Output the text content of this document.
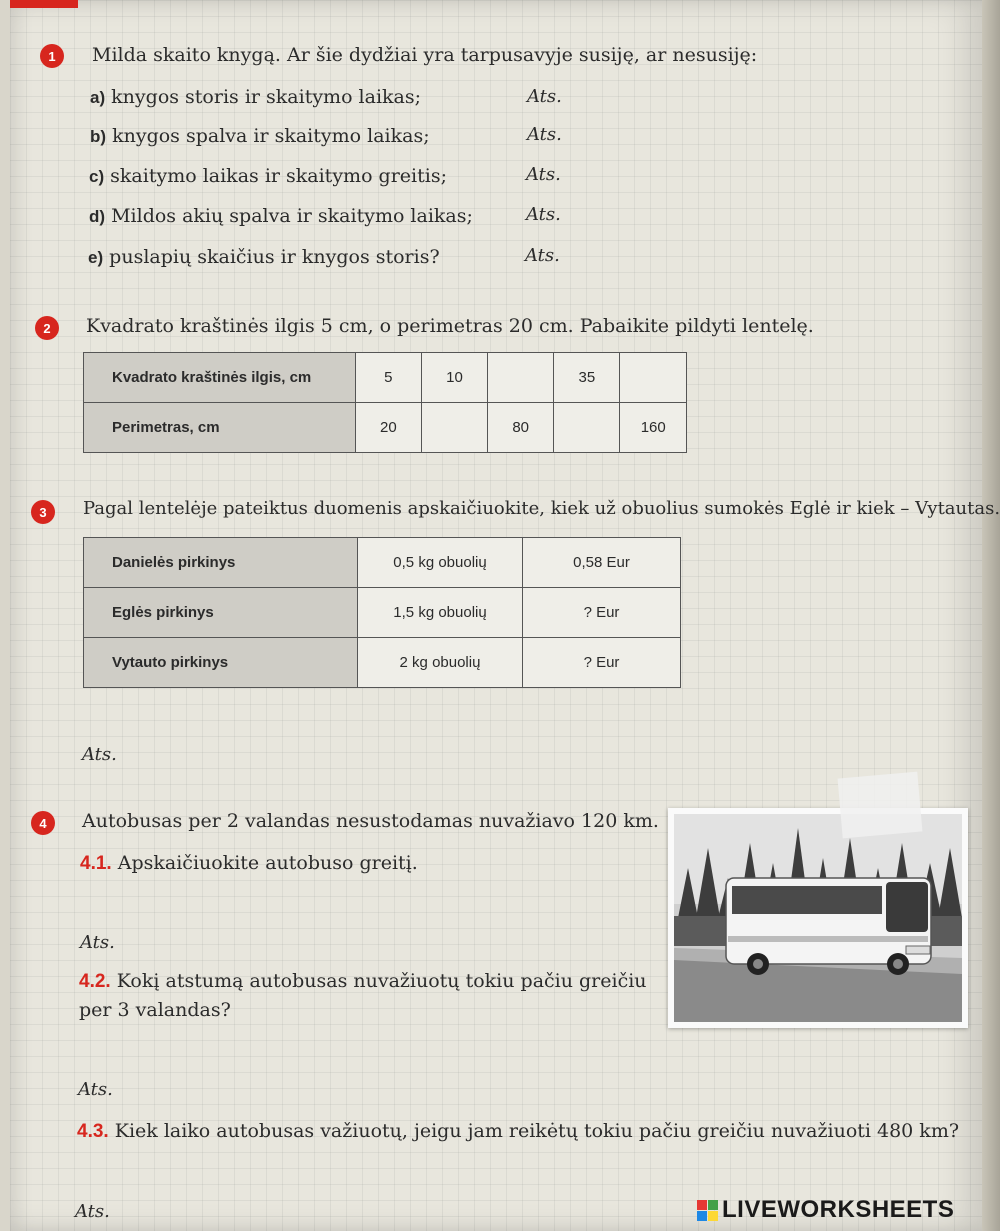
1	Milda skaito knygą. Ar šie dydžiai yra tarpusavyje susiję, ar nesusiję:
a) knygos storis ir skaitymo laikas;	Ats.
b) knygos spalva ir skaitymo laikas;	Ats.
c) skaitymo laikas ir skaitymo greitis;	Ats.
d) Mildos akių spalva ir skaitymo laikas;	Ats.
e) puslapių skaičius ir knygos storis?	Ats.
2	Kvadrato kraštinės ilgis 5 cm, o perimetras 20 cm. Pabaikite pildyti lentelę.
Kvadrato kraštinės ilgis, cm	5	10		35	
Perimetras, cm	20		80		160
3	Pagal lentelėje pateiktus duomenis apskaičiuokite, kiek už obuolius sumokės Eglė ir kiek – Vytautas.
Danielės pirkinys	0,5 kg obuolių	0,58 Eur
Eglės pirkinys	1,5 kg obuolių	? Eur
Vytauto pirkinys	2 kg obuolių	? Eur
Ats.
4	Autobusas per 2 valandas nesustodamas nuvažiavo 120 km.
4.1. Apskaičiuokite autobuso greitį.
Ats.
4.2. Kokį atstumą autobusas nuvažiuotų tokiu pačiu greičiu
per 3 valandas?
Ats.
4.3. Kiek laiko autobusas važiuotų, jeigu jam reikėtų tokiu pačiu greičiu nuvažiuoti 480 km?
Ats.	LIVEWORKSHEETS
